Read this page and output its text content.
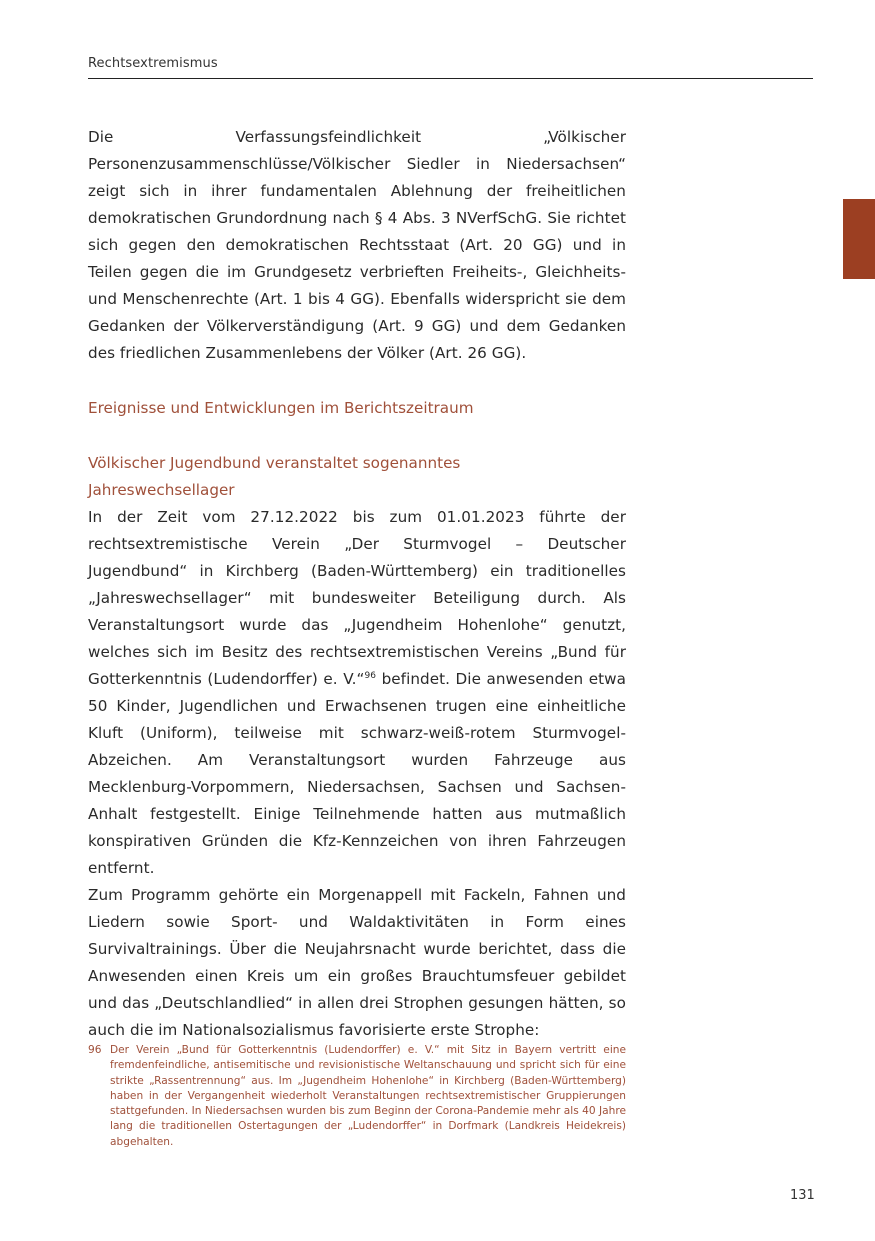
Rechtsextremismus

Die Verfassungsfeindlichkeit „Völkischer Personenzusammenschlüsse/Völkischer Siedler in Niedersachsen“ zeigt sich in ihrer fundamentalen Ablehnung der freiheitlichen demokratischen Grundordnung nach § 4 Abs. 3 NVerfSchG. Sie richtet sich gegen den demokratischen Rechtsstaat (Art. 20 GG) und in Teilen gegen die im Grundgesetz verbrieften Freiheits-, Gleichheits- und Menschenrechte (Art. 1 bis 4 GG). Ebenfalls widerspricht sie dem Gedanken der Völkerverständigung (Art. 9 GG) und dem Gedanken des friedlichen Zusammenlebens der Völker (Art. 26 GG).

Ereignisse und Entwicklungen im Berichtszeitraum

Völkischer Jugendbund veranstaltet sogenanntes

Jahreswechsellager

In der Zeit vom 27.12.2022 bis zum 01.01.2023 führte der rechtsextremistische Verein „Der Sturmvogel – Deutscher Jugendbund“ in Kirchberg (Baden-Württemberg) ein traditionelles „Jahreswechsellager“ mit bundesweiter Beteiligung durch. Als Veranstaltungsort wurde das „Jugendheim Hohenlohe“ genutzt, welches sich im Besitz des rechtsextremistischen Vereins „Bund für Gotterkenntnis (Ludendorffer) e. V.“$^{96}$ befindet. Die anwesenden etwa 50 Kinder, Jugendlichen und Erwachsenen trugen eine einheitliche Kluft (Uniform), teilweise mit schwarz-weiß-rotem Sturmvogel-Abzeichen. Am Veranstaltungsort wurden Fahrzeuge aus Mecklenburg-Vorpommern, Niedersachsen, Sachsen und Sachsen-Anhalt festgestellt. Einige Teilnehmende hatten aus mutmaßlich konspirativen Gründen die Kfz-Kennzeichen von ihren Fahrzeugen entfernt.

Zum Programm gehörte ein Morgenappell mit Fackeln, Fahnen und Liedern sowie Sport- und Waldaktivitäten in Form eines Survivaltrainings. Über die Neujahrsnacht wurde berichtet, dass die Anwesenden einen Kreis um ein großes Brauchtumsfeuer gebildet und das „Deutschlandlied“ in allen drei Strophen gesungen hätten, so auch die im Nationalsozialismus favorisierte erste Strophe:

96 Der Verein „Bund für Gotterkenntnis (Ludendorffer) e. V.“ mit Sitz in Bayern vertritt eine fremdenfeindliche, antisemitische und revisionistische Weltanschauung und spricht sich für eine strikte „Rassentrennung“ aus. Im „Jugendheim Hohenlohe“ in Kirchberg (Baden-Württemberg) haben in der Vergangenheit wiederholt Veranstaltungen rechtsextremistischer Gruppierungen stattgefunden. In Niedersachsen wurden bis zum Beginn der Corona-Pandemie mehr als 40 Jahre lang die traditionellen Ostertagungen der „Ludendorffer“ in Dorfmark (Landkreis Heidekreis) abgehalten.
131
